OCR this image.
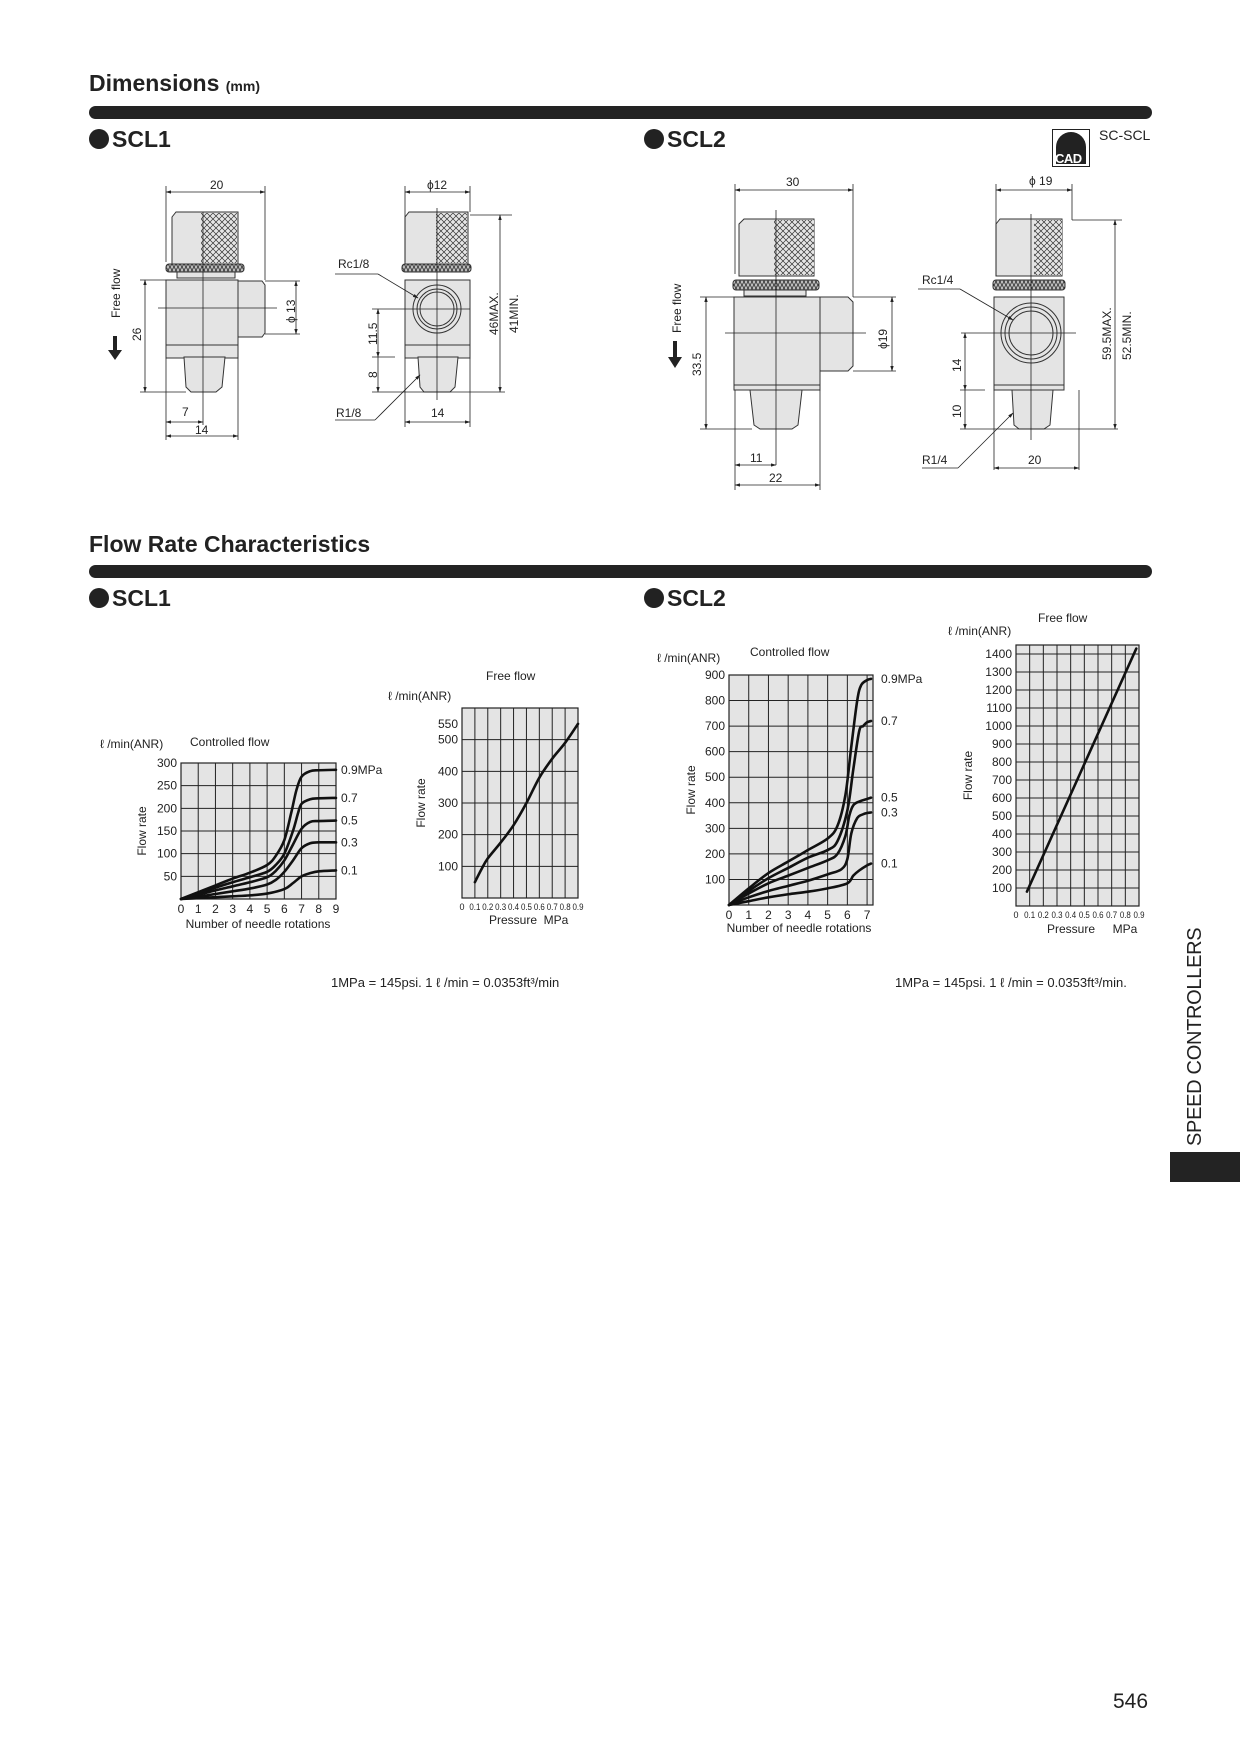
Dimensions (mm)
SCL1	SCL2
CAD
SC-SCL
20
Free flow
26
ϕ 13
7
14
ϕ12
Rc1/8
11.5
8
46MAX. 41MIN.
R1/8	14
30
Free flow
33.5
ϕ19
11
22
ϕ 19
Rc1/4
14
10
59.5MAX. 52.5MIN.
R1/4	20
Flow Rate Characteristics
SCL1	SCL2
50
100
150
200
250
300
0 1 2 3 4 5 6 7 8 9
Controlled flow
ℓ /min(ANR)
Flow rate
Number of needle rotations
0.9MPa
0.7
0.5
0.3
0.1	100
200
300
400
500
550
0 0.1 0.2 0.3 0.4 0.5 0.6 0.7 0.8 0.9
Free flow
ℓ /min(ANR)
Flow rate
Pressure MPa
100
200
300
400
500
600
700
800
900
0 1 2 3 4 5 6 7
Controlled flow
ℓ /min(ANR)
Flow rate
Number of needle rotations
0.9MPa
0.7
0.5
0.3
0.1
100
200
300
400
500
600
700
800
900
1000
1100
1200
1300
1400
0 0.1 0.2 0.3 0.4 0.5 0.6 0.7 0.8 0.9
Free flow
ℓ /min(ANR)
Flow rate
Pressure MPa
1MPa = 145psi. 1 ℓ /min = 0.0353ft³/min	1MPa = 145psi. 1 ℓ /min = 0.0353ft³/min.	SPEED CONTROLLERS
546
